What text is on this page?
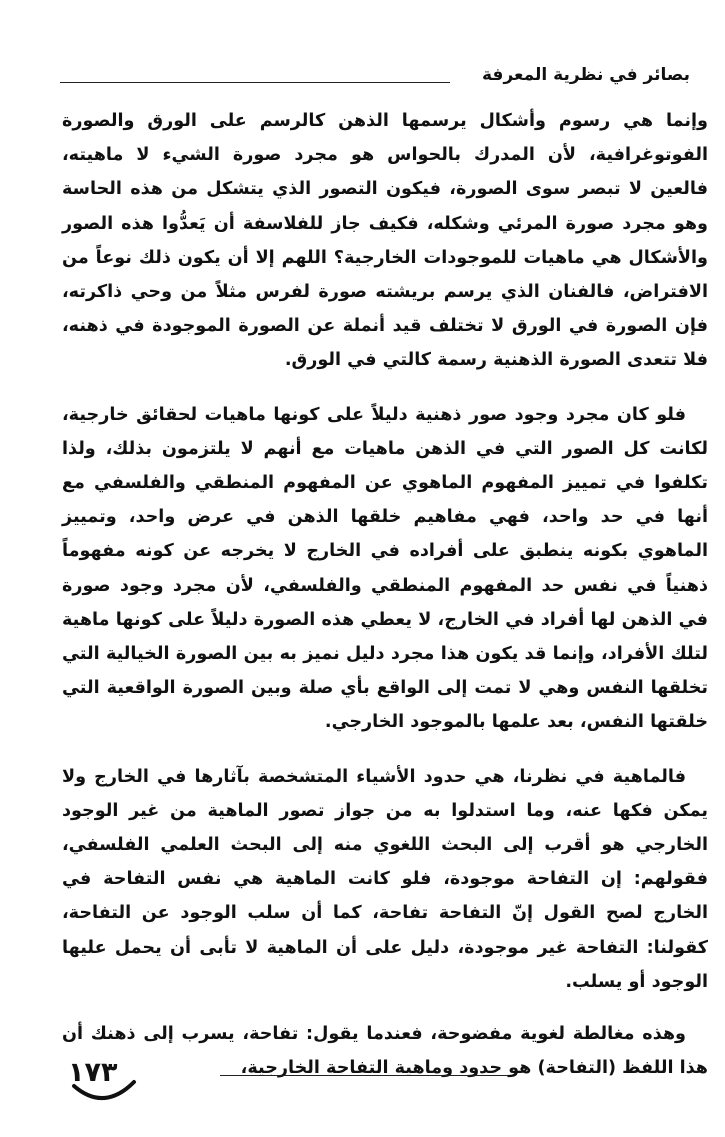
بصائر في نظرية المعرفة

وإنما هي رسوم وأشكال يرسمها الذهن كالرسم على الورق والصورة الفوتوغرافية، لأن المدرك بالحواس هو مجرد صورة الشيء لا ماهيته، فالعين لا تبصر سوى الصورة، فيكون التصور الذي يتشكل من هذه الحاسة وهو مجرد صورة المرئي وشكله، فكيف جاز للفلاسفة أن يَعدُّوا هذه الصور والأشكال هي ماهيات للموجودات الخارجية؟ اللهم إلا أن يكون ذلك نوعاً من الافتراض، فالفنان الذي يرسم بريشته صورة لفرس مثلاً من وحي ذاكرته، فإن الصورة في الورق لا تختلف قيد أنملة عن الصورة الموجودة في ذهنه، فلا تتعدى الصورة الذهنية رسمة كالتي في الورق.

فلو كان مجرد وجود صور ذهنية دليلاً على كونها ماهيات لحقائق خارجية، لكانت كل الصور التي في الذهن ماهيات مع أنهم لا يلتزمون بذلك، ولذا تكلفوا في تمييز المفهوم الماهوي عن المفهوم المنطقي والفلسفي مع أنها في حد واحد، فهي مفاهيم خلقها الذهن في عرض واحد، وتمييز الماهوي بكونه ينطبق على أفراده في الخارج لا يخرجه عن كونه مفهوماً ذهنياً في نفس حد المفهوم المنطقي والفلسفي، لأن مجرد وجود صورة في الذهن لها أفراد في الخارج، لا يعطي هذه الصورة دليلاً على كونها ماهية لتلك الأفراد، وإنما قد يكون هذا مجرد دليل نميز به بين الصورة الخيالية التي تخلقها النفس وهي لا تمت إلى الواقع بأي صلة وبين الصورة الواقعية التي خلقتها النفس، بعد علمها بالموجود الخارجي.

فالماهية في نظرنا، هي حدود الأشياء المتشخصة بآثارها في الخارج ولا يمكن فكها عنه، وما استدلوا به من جواز تصور الماهية من غير الوجود الخارجي هو أقرب إلى البحث اللغوي منه إلى البحث العلمي الفلسفي، فقولهم: إن التفاحة موجودة، فلو كانت الماهية هي نفس التفاحة في الخارج لصح القول إنّ التفاحة تفاحة، كما أن سلب الوجود عن التفاحة، كقولنا: التفاحة غير موجودة، دليل على أن الماهية لا تأبى أن يحمل عليها الوجود أو يسلب.

وهذه مغالطة لغوية مفضوحة، فعندما يقول: تفاحة، يسرب إلى ذهنك أن هذا اللفظ (التفاحة) هو حدود وماهية التفاحة الخارجية،

١٧٣
